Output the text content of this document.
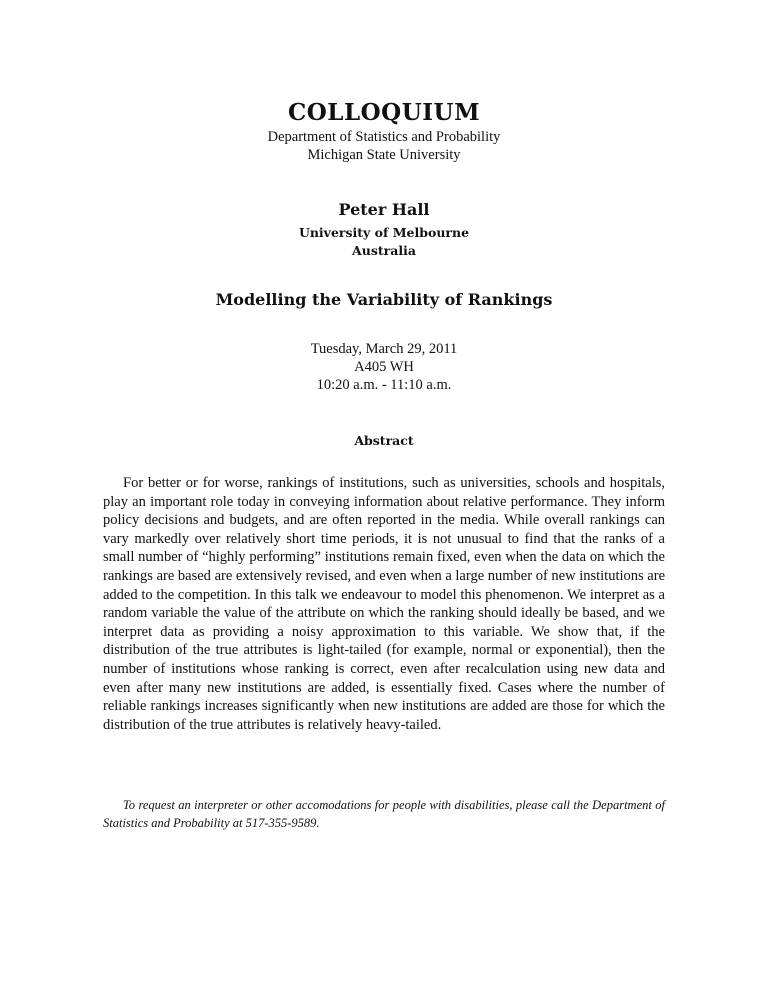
COLLOQUIUM

Department of Statistics and Probability

Michigan State University

Peter Hall

University of Melbourne

Australia

Modelling the Variability of Rankings

Tuesday, March 29, 2011
A405 WH
10:20 a.m. - 11:10 a.m.

Abstract

For better or for worse, rankings of institutions, such as universities, schools and hospitals, play an important role today in conveying information about relative performance. They inform policy decisions and budgets, and are often reported in the media. While overall rankings can vary markedly over relatively short time periods, it is not unusual to find that the ranks of a small number of “highly performing” institutions remain fixed, even when the data on which the rankings are based are extensively revised, and even when a large number of new institutions are added to the competition. In this talk we endeavour to model this phenomenon. We interpret as a random variable the value of the attribute on which the ranking should ideally be based, and we interpret data as providing a noisy approximation to this variable. We show that, if the distribution of the true attributes is light-tailed (for example, normal or exponential), then the number of institutions whose ranking is correct, even after recalculation using new data and even after many new institutions are added, is essentially fixed. Cases where the number of reliable rankings increases significantly when new institutions are added are those for which the distribution of the true attributes is relatively heavy-tailed.

To request an interpreter or other accomodations for people with disabilities, please call the Department of Statistics and Probability at 517-355-9589.
